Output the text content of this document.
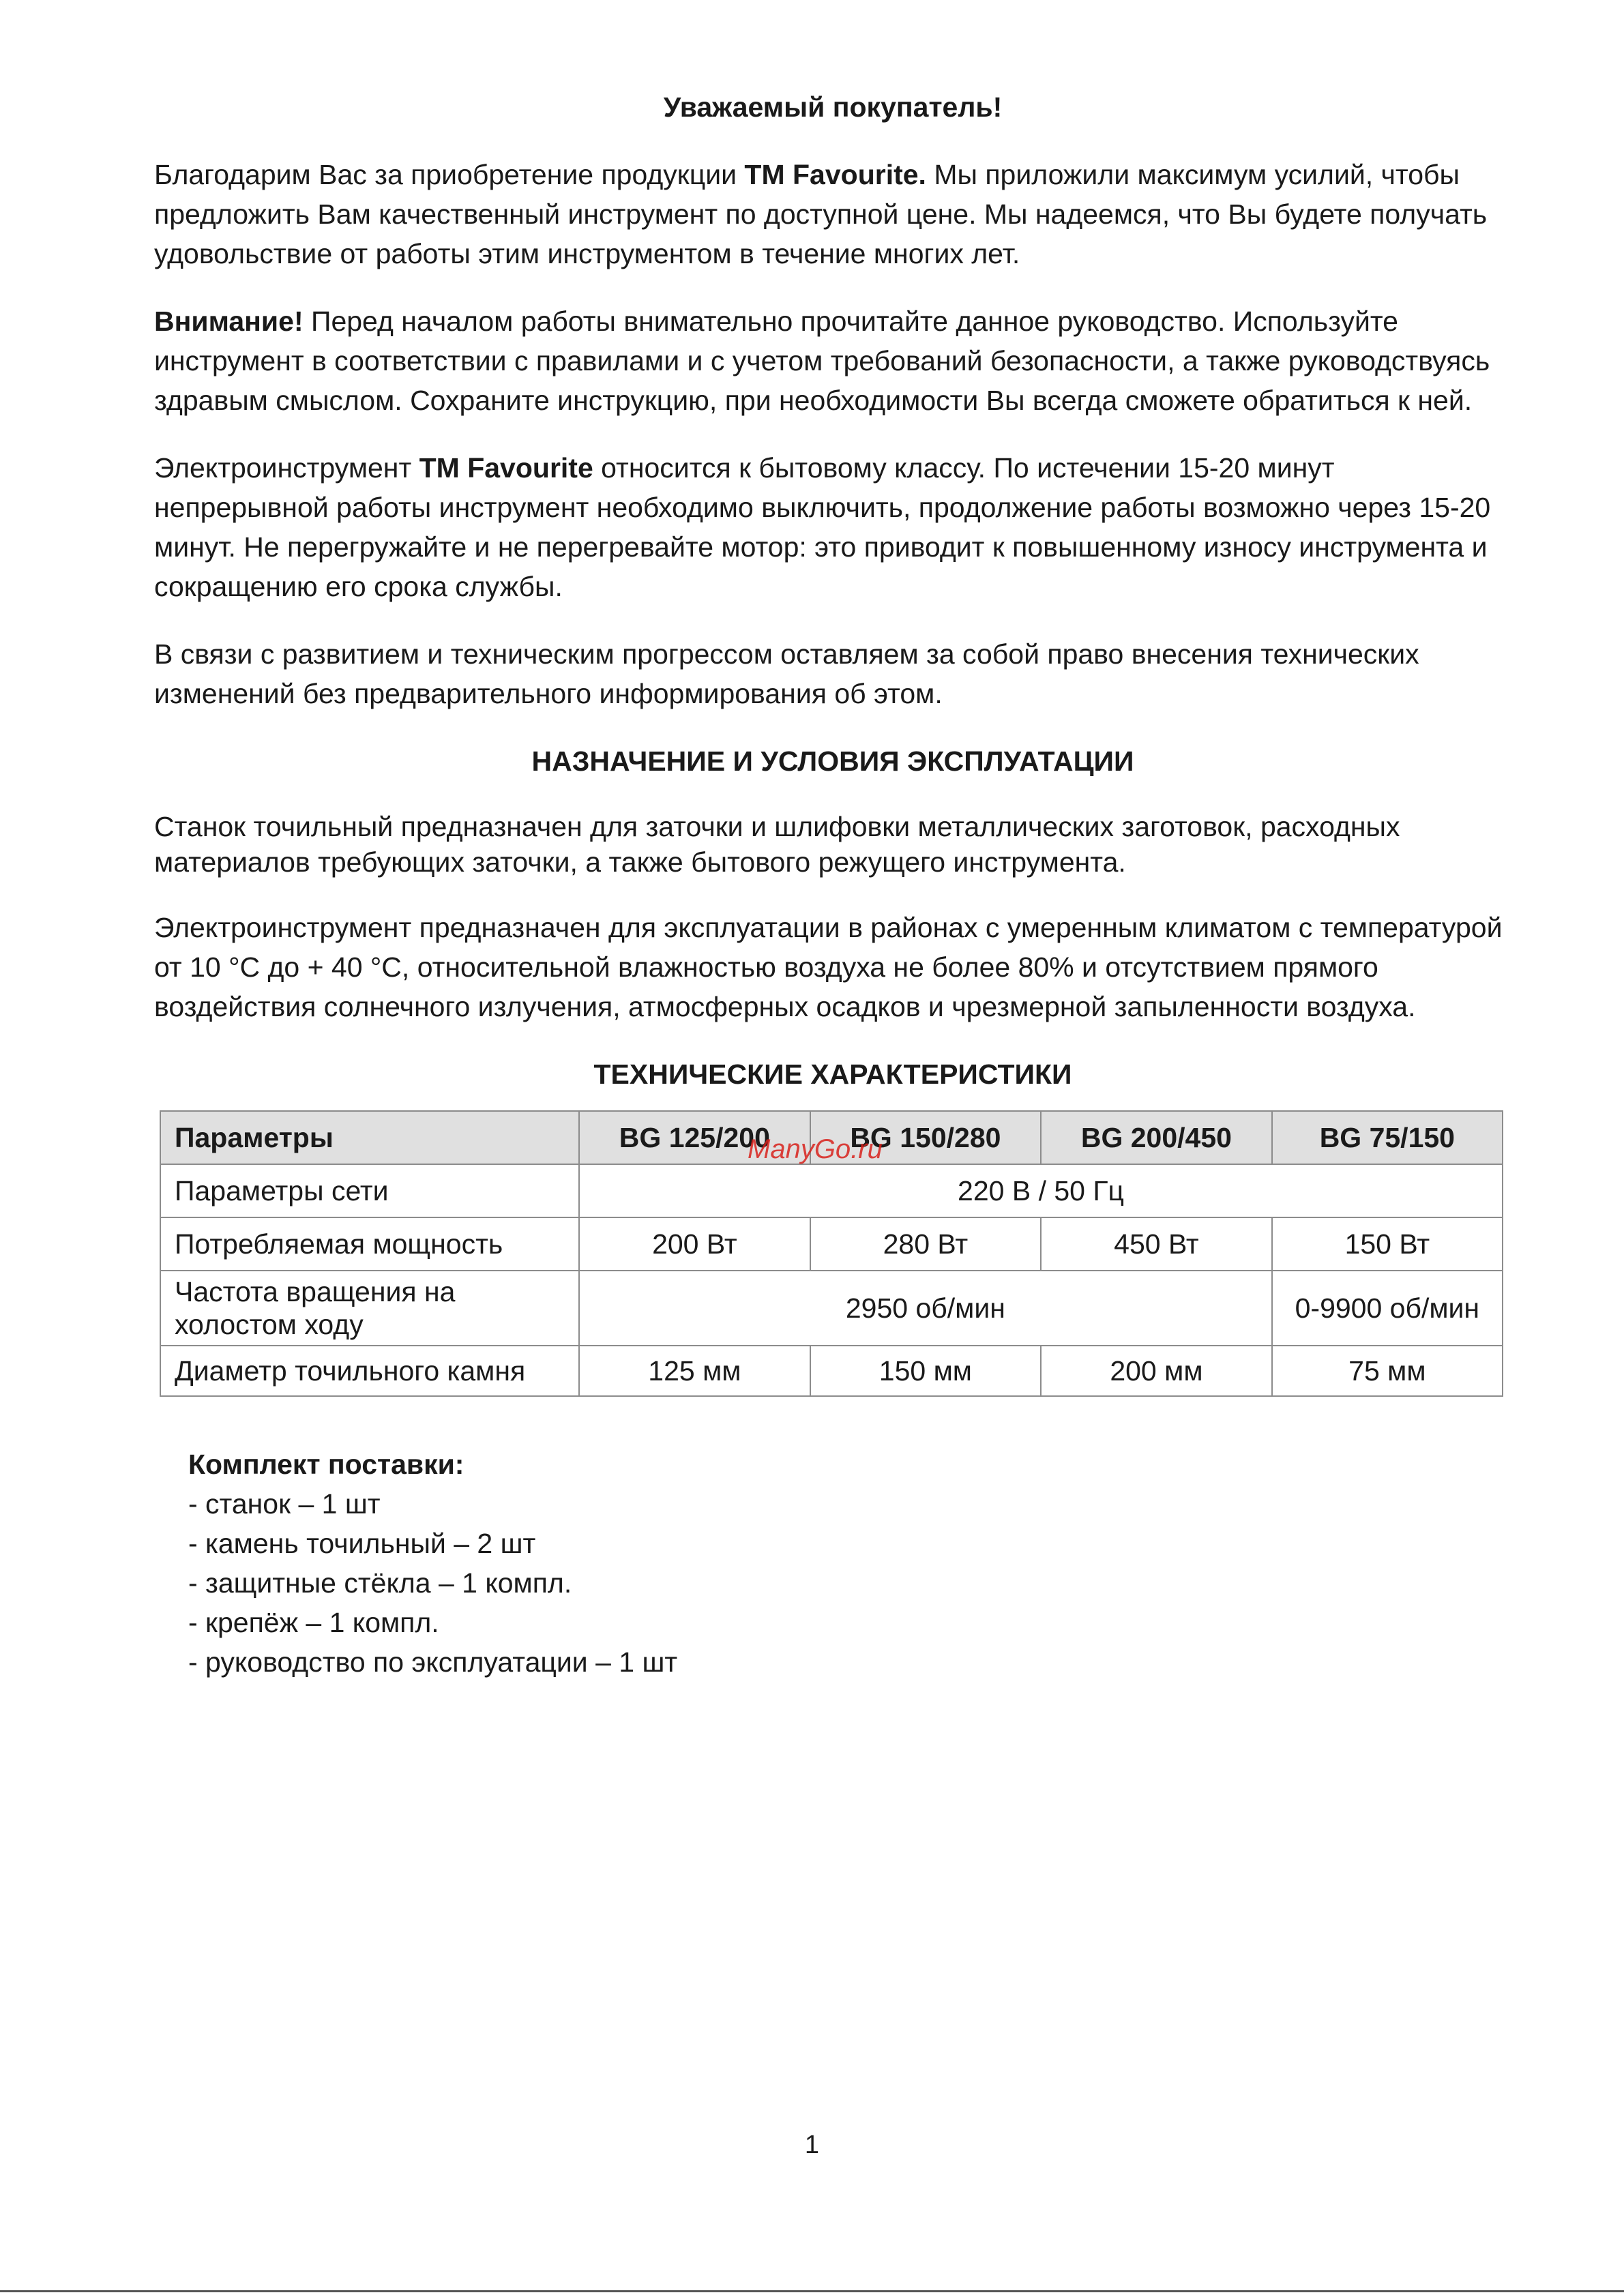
Уважаемый покупатель!

Благодарим Вас за приобретение продукции TM Favourite. Мы приложили максимум усилий, чтобы предложить Вам качественный инструмент по доступной цене. Мы надеемся, что Вы будете получать удовольствие от работы этим инструментом в течение многих лет.

Внимание! Перед началом работы внимательно прочитайте данное руководство. Используйте инструмент в соответствии с правилами и с учетом требований безопасности, а также руководствуясь здравым смыслом. Сохраните инструкцию, при необходимости Вы всегда сможете обратиться к ней.

Электроинструмент TM Favourite относится к бытовому классу. По истечении 15-20 минут непрерывной работы инструмент необходимо выключить, продолжение работы возможно через 15-20 минут. Не перегружайте и не перегревайте мотор: это приводит к повышенному износу инструмента и сокращению его срока службы.

В связи с развитием и техническим прогрессом оставляем за собой право внесения технических изменений без предварительного информирования об этом.

НАЗНАЧЕНИЕ И УСЛОВИЯ ЭКСПЛУАТАЦИИ

Станок точильный предназначен для заточки и шлифовки металлических заготовок, расходных материалов требующих заточки, а также бытового режущего инструмента.

Электроинструмент предназначен для эксплуатации в районах с умеренным климатом с температурой от 10 °C до + 40 °C, относительной влажностью воздуха не более 80% и отсутствием прямого воздействия солнечного излучения, атмосферных осадков и чрезмерной запыленности воздуха.

ТЕХНИЧЕСКИЕ ХАРАКТЕРИСТИКИ
Параметры	BG 125/200	BG 150/280	BG 200/450	BG 75/150
Параметры сети	220 В / 50 Гц			
Потребляемая мощность	200 Вт	280 Вт	450 Вт	150 Вт
Частота вращения на холостом ходу	2950 об/мин			0-9900 об/мин
Диаметр точильного камня	125 мм	150 мм	200 мм	75 мм
Комплект поставки:
- станок – 1 шт
- камень точильный – 2 шт
- защитные стёкла – 1 компл.
- крепёж – 1 компл.
- руководство по эксплуатации – 1 шт
ManyGo.ru
1
